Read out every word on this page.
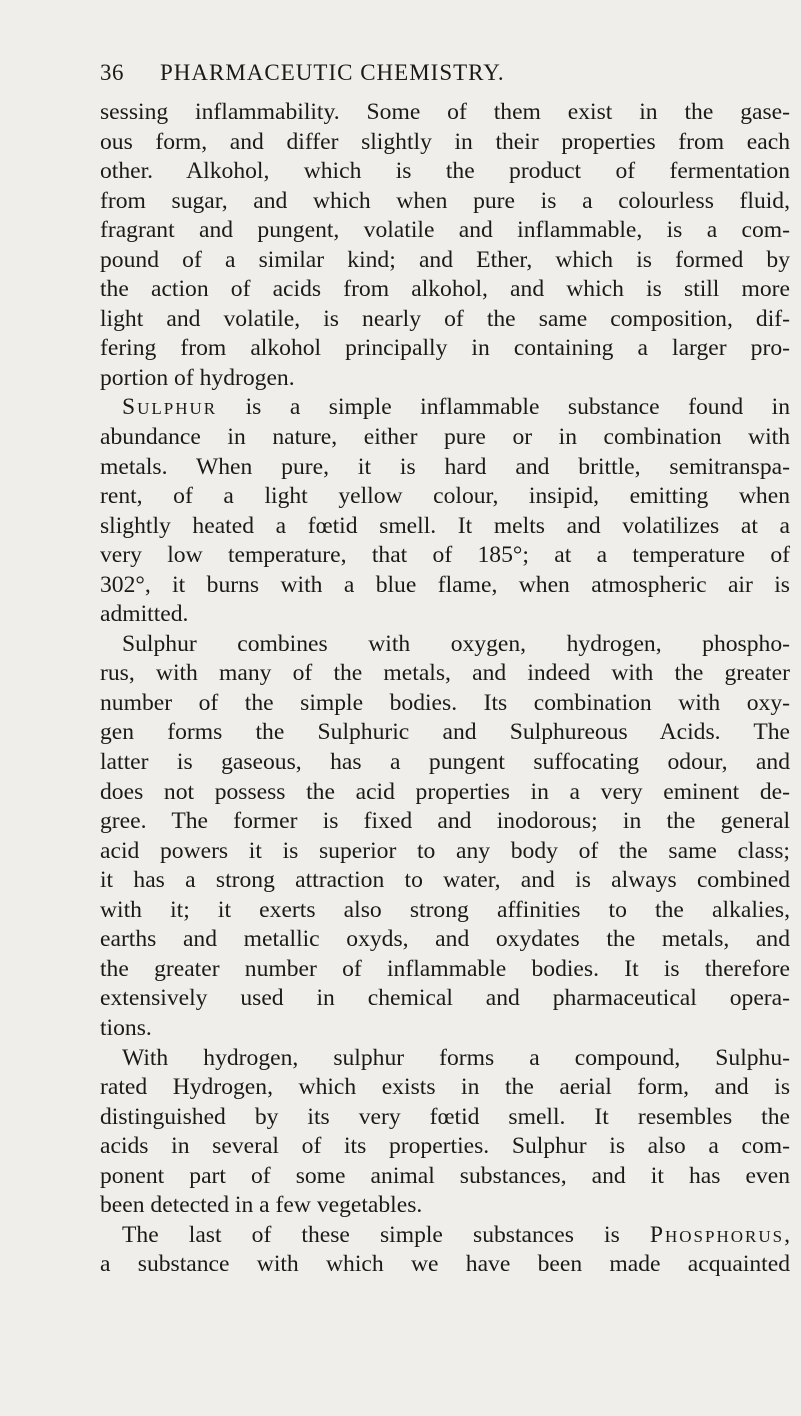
36 PHARMACEUTIC CHEMISTRY.
sessing inflammability. Some of them exist in the gase-
ous form, and differ slightly in their properties from each
other. Alkohol, which is the product of fermentation
from sugar, and which when pure is a colourless fluid,
fragrant and pungent, volatile and inflammable, is a com-
pound of a similar kind; and Ether, which is formed by
the action of acids from alkohol, and which is still more
light and volatile, is nearly of the same composition, dif-
fering from alkohol principally in containing a larger pro-
portion of hydrogen.
Sulphur is a simple inflammable substance found in
abundance in nature, either pure or in combination with
metals. When pure, it is hard and brittle, semitranspa-
rent, of a light yellow colour, insipid, emitting when
slightly heated a fœtid smell. It melts and volatilizes at a
very low temperature, that of 185°; at a temperature of
302°, it burns with a blue flame, when atmospheric air is
admitted.
Sulphur combines with oxygen, hydrogen, phospho-
rus, with many of the metals, and indeed with the greater
number of the simple bodies. Its combination with oxy-
gen forms the Sulphuric and Sulphureous Acids. The
latter is gaseous, has a pungent suffocating odour, and
does not possess the acid properties in a very eminent de-
gree. The former is fixed and inodorous; in the general
acid powers it is superior to any body of the same class;
it has a strong attraction to water, and is always combined
with it; it exerts also strong affinities to the alkalies,
earths and metallic oxyds, and oxydates the metals, and
the greater number of inflammable bodies. It is therefore
extensively used in chemical and pharmaceutical opera-
tions.
With hydrogen, sulphur forms a compound, Sulphu-
rated Hydrogen, which exists in the aerial form, and is
distinguished by its very fœtid smell. It resembles the
acids in several of its properties. Sulphur is also a com-
ponent part of some animal substances, and it has even
been detected in a few vegetables.
The last of these simple substances is Phosphorus,
a substance with which we have been made acquainted
